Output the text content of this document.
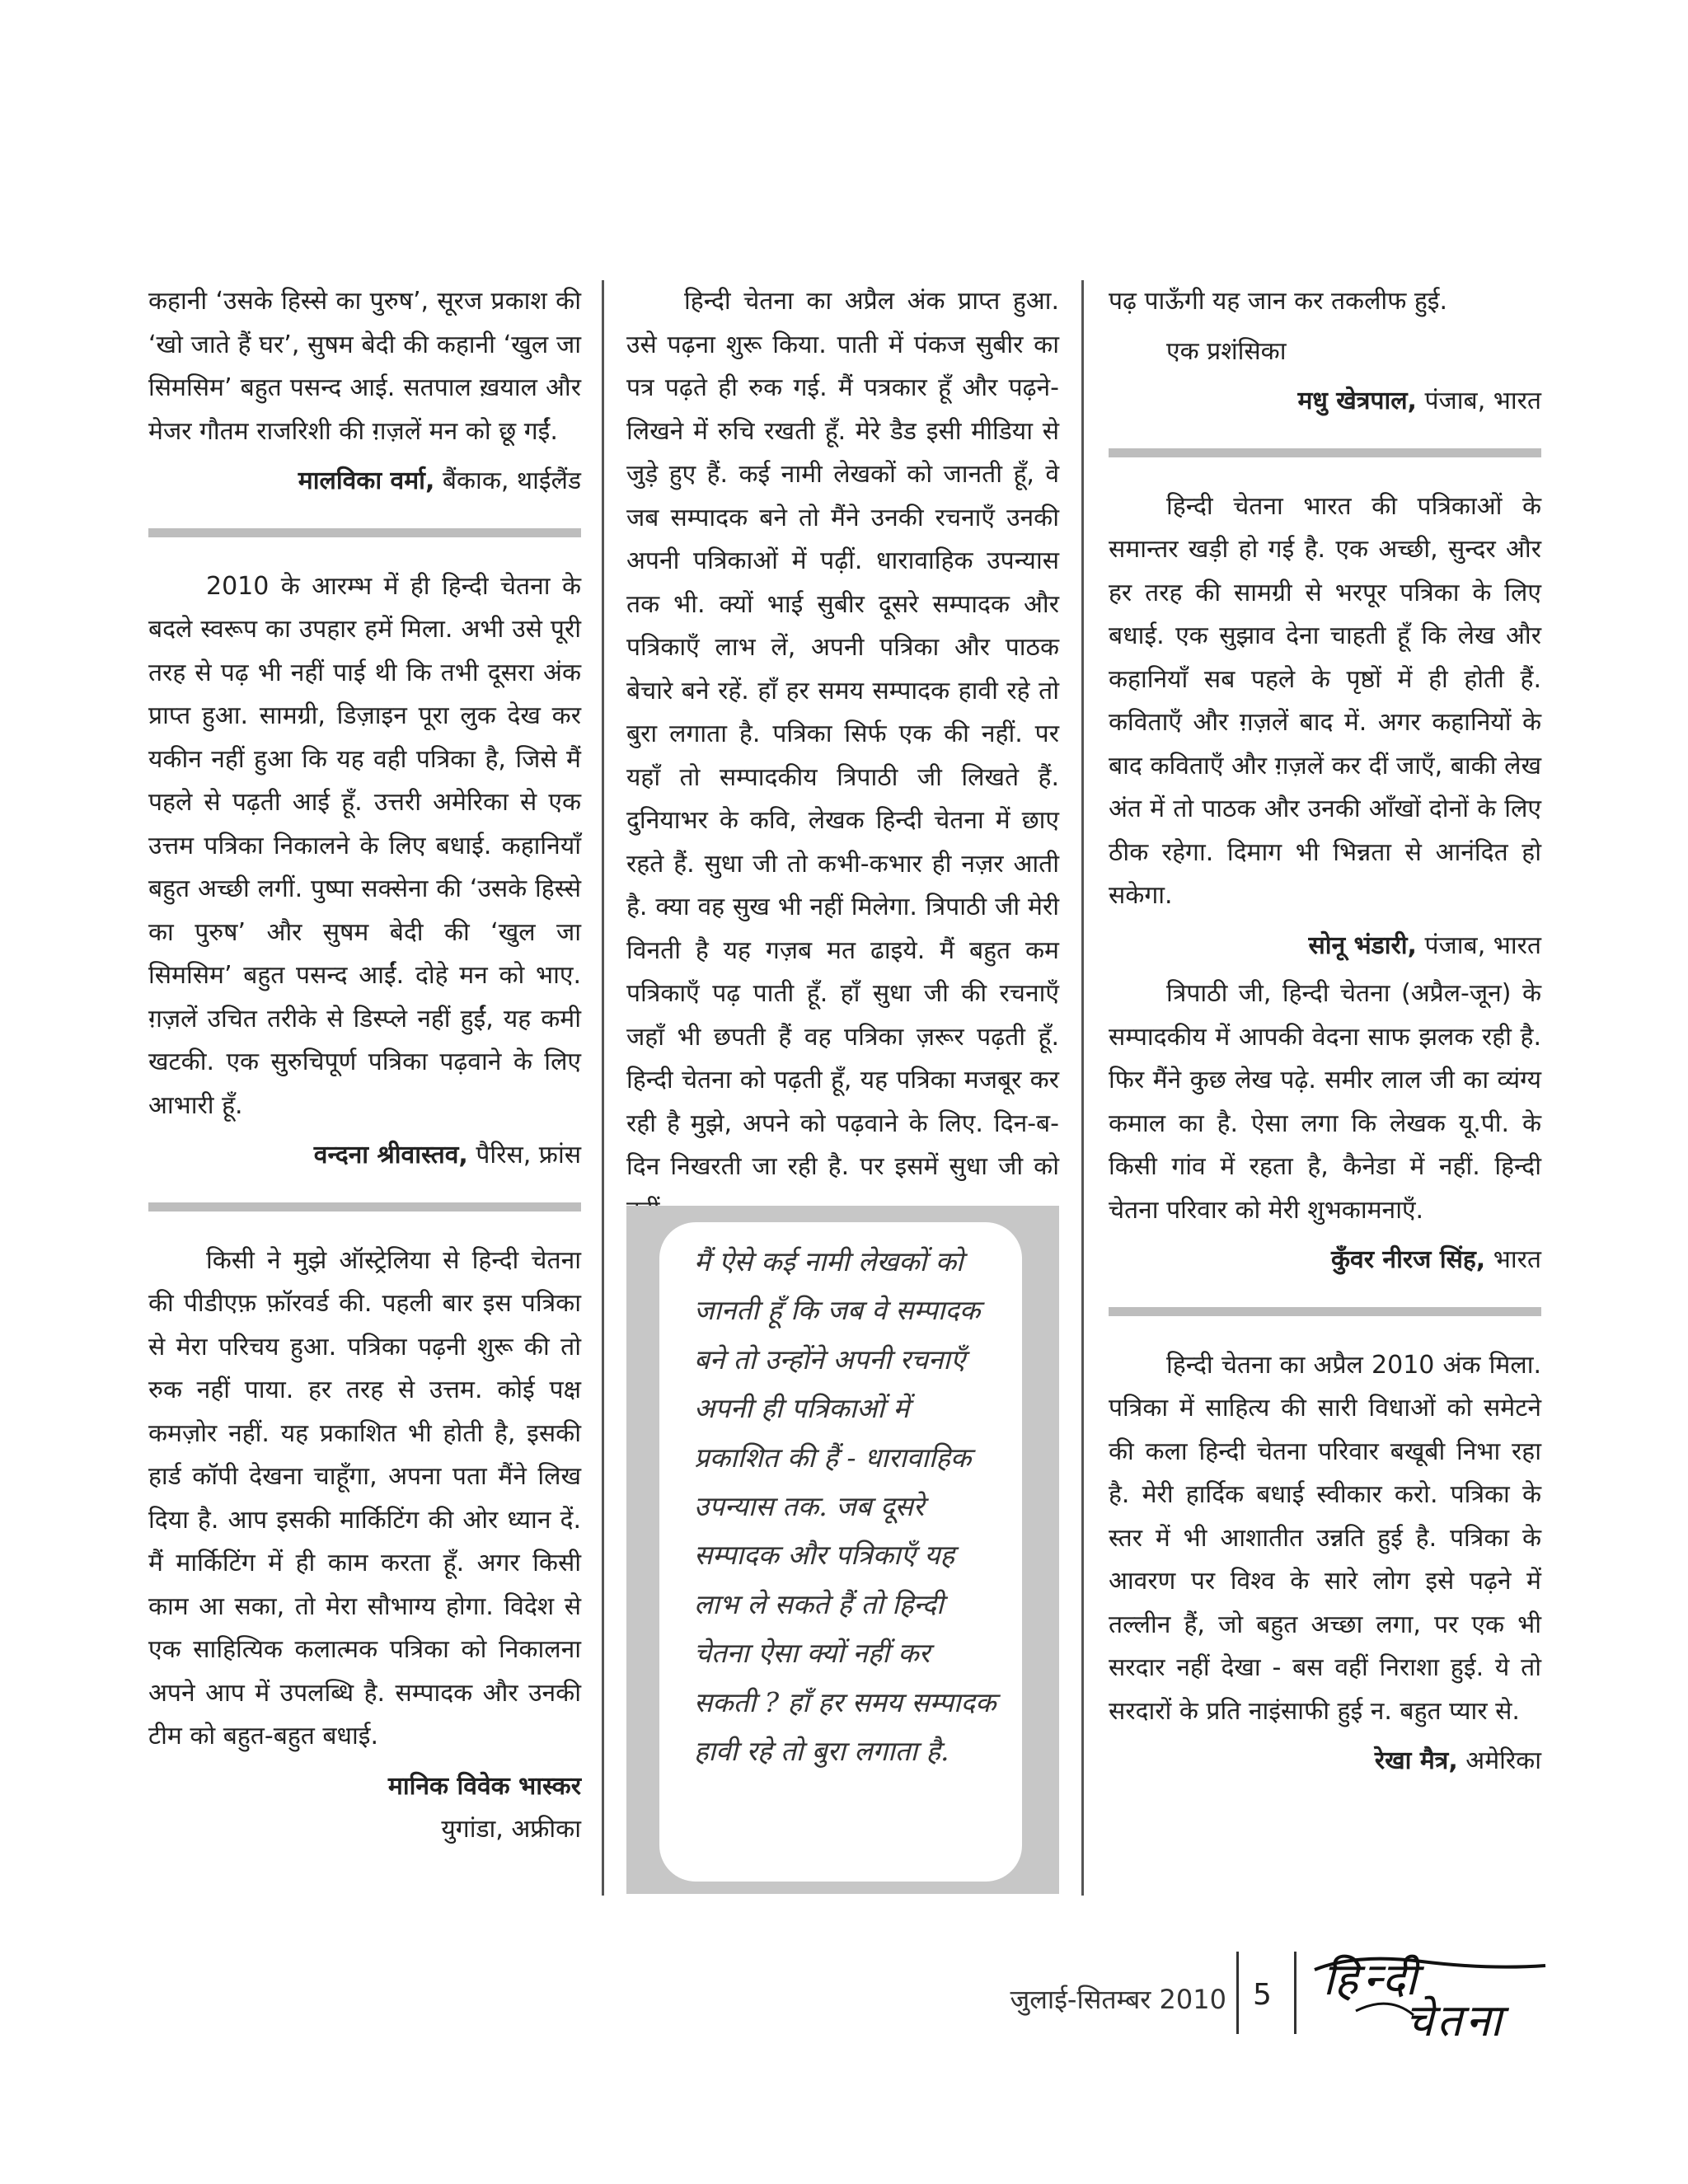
कहानी ‘उसके हिस्से का पुरुष’, सूरज प्रकाश की ‘खो जाते हैं घर’, सुषम बेदी की कहानी ‘खुल जा सिमसिम’ बहुत पसन्द आई. सतपाल ख़याल और मेजर गौतम राजरिशी की ग़ज़लें मन को छू गईं.

मालविका वर्मा, बैंकाक, थाईलैंड

2010 के आरम्भ में ही हिन्दी चेतना के बदले स्वरूप का उपहार हमें मिला. अभी उसे पूरी तरह से पढ़ भी नहीं पाई थी कि तभी दूसरा अंक प्राप्त हुआ. सामग्री, डिज़ाइन पूरा लुक देख कर यकीन नहीं हुआ कि यह वही पत्रिका है, जिसे मैं पहले से पढ़ती आई हूँ. उत्तरी अमेरिका से एक उत्तम पत्रिका निकालने के लिए बधाई. कहानियाँ बहुत अच्छी लगीं. पुष्पा सक्सेना की ‘उसके हिस्से का पुरुष’ और सुषम बेदी की ‘खुल जा सिमसिम’ बहुत पसन्द आईं. दोहे मन को भाए. ग़ज़लें उचित तरीके से डिस्प्ले नहीं हुईं, यह कमी खटकी. एक सुरुचिपूर्ण पत्रिका पढ़वाने के लिए आभारी हूँ.

वन्दना श्रीवास्तव, पैरिस, फ्रांस

किसी ने मुझे ऑस्ट्रेलिया से हिन्दी चेतना की पीडीएफ़ फ़ॉरवर्ड की. पहली बार इस पत्रिका से मेरा परिचय हुआ. पत्रिका पढ़नी शुरू की तो रुक नहीं पाया. हर तरह से उत्तम. कोई पक्ष कमज़ोर नहीं. यह प्रकाशित भी होती है, इसकी हार्ड कॉपी देखना चाहूँगा, अपना पता मैंने लिख दिया है. आप इसकी मार्किटिंग की ओर ध्यान दें. मैं मार्किटिंग में ही काम करता हूँ. अगर किसी काम आ सका, तो मेरा सौभाग्य होगा. विदेश से एक साहित्यिक कलात्मक पत्रिका को निकालना अपने आप में उपलब्धि है. सम्पादक और उनकी टीम को बहुत-बहुत बधाई.

मानिक विवेक भास्कर

युगांडा, अफ्रीका

हिन्दी चेतना का अप्रैल अंक प्राप्त हुआ. उसे पढ़ना शुरू किया. पाती में पंकज सुबीर का पत्र पढ़ते ही रुक गई. मैं पत्रकार हूँ और पढ़ने-लिखने में रुचि रखती हूँ. मेरे डैड इसी मीडिया से जुड़े हुए हैं. कई नामी लेखकों को जानती हूँ, वे जब सम्पादक बने तो मैंने उनकी रचनाएँ उनकी अपनी पत्रिकाओं में पढ़ीं. धारावाहिक उपन्यास तक भी. क्यों भाई सुबीर दूसरे सम्पादक और पत्रिकाएँ लाभ लें, अपनी पत्रिका और पाठक बेचारे बने रहें. हाँ हर समय सम्पादक हावी रहे तो बुरा लगाता है. पत्रिका सिर्फ एक की नहीं. पर यहाँ तो सम्पादकीय त्रिपाठी जी लिखते हैं. दुनियाभर के कवि, लेखक हिन्दी चेतना में छाए रहते हैं. सुधा जी तो कभी-कभार ही नज़र आती है. क्या वह सुख भी नहीं मिलेगा. त्रिपाठी जी मेरी विनती है यह गज़ब मत ढाइये. मैं बहुत कम पत्रिकाएँ पढ़ पाती हूँ. हाँ सुधा जी की रचनाएँ जहाँ भी छपती हैं वह पत्रिका ज़रूर पढ़ती हूँ. हिन्दी चेतना को पढ़ती हूँ, यह पत्रिका मजबूर कर रही है मुझे, अपने को पढ़वाने के लिए. दिन-ब-दिन निखरती जा रही है. पर इसमें सुधा जी को

मैं ऐसे कई नामी लेखकों को जानती हूँ कि जब वे सम्पादक बने तो उन्होंने अपनी रचनाएँ अपनी ही पत्रिकाओं में प्रकाशित की हैं - धारावाहिक उपन्यास तक. जब दूसरे सम्पादक और पत्रिकाएँ यह लाभ ले सकते हैं तो हिन्दी चेतना ऐसा क्यों नहीं कर सकती ? हाँ हर समय सम्पादक हावी रहे तो बुरा लगाता है.

पढ़ पाऊँगी यह जान कर तकलीफ हुई.

एक प्रशंसिका

मधु खेत्रपाल, पंजाब, भारत

हिन्दी चेतना भारत की पत्रिकाओं के समान्तर खड़ी हो गई है. एक अच्छी, सुन्दर और हर तरह की सामग्री से भरपूर पत्रिका के लिए बधाई. एक सुझाव देना चाहती हूँ कि लेख और कहानियाँ सब पहले के पृष्ठों में ही होती हैं. कविताएँ और ग़ज़लें बाद में. अगर कहानियों के बाद कविताएँ और ग़ज़लें कर दीं जाएँ, बाकी लेख अंत में तो पाठक और उनकी आँखों दोनों के लिए ठीक रहेगा. दिमाग भी भिन्नता से आनंदित हो सकेगा.

सोनू भंडारी, पंजाब, भारत

त्रिपाठी जी, हिन्दी चेतना (अप्रैल-जून) के सम्पादकीय में आपकी वेदना साफ झलक रही है. फिर मैंने कुछ लेख पढ़े. समीर लाल जी का व्यंग्य कमाल का है. ऐसा लगा कि लेखक यू.पी. के किसी गांव में रहता है, कैनेडा में नहीं. हिन्दी चेतना परिवार को मेरी शुभकामनाएँ.

कुँवर नीरज सिंह, भारत

हिन्दी चेतना का अप्रैल 2010 अंक मिला. पत्रिका में साहित्य की सारी विधाओं को समेटने की कला हिन्दी चेतना परिवार बखूबी निभा रहा है. मेरी हार्दिक बधाई स्वीकार करो. पत्रिका के स्तर में भी आशातीत उन्नति हुई है. पत्रिका के आवरण पर विश्व के सारे लोग इसे पढ़ने में तल्लीन हैं, जो बहुत अच्छा लगा, पर एक भी सरदार नहीं देखा - बस वहीं निराशा हुई. ये तो सरदारों के प्रति नाइंसाफी हुई न. बहुत प्यार से.

रेखा मैत्र, अमेरिका

जुलाई-सितम्बर 2010 5 हिन्दी
चेतना
